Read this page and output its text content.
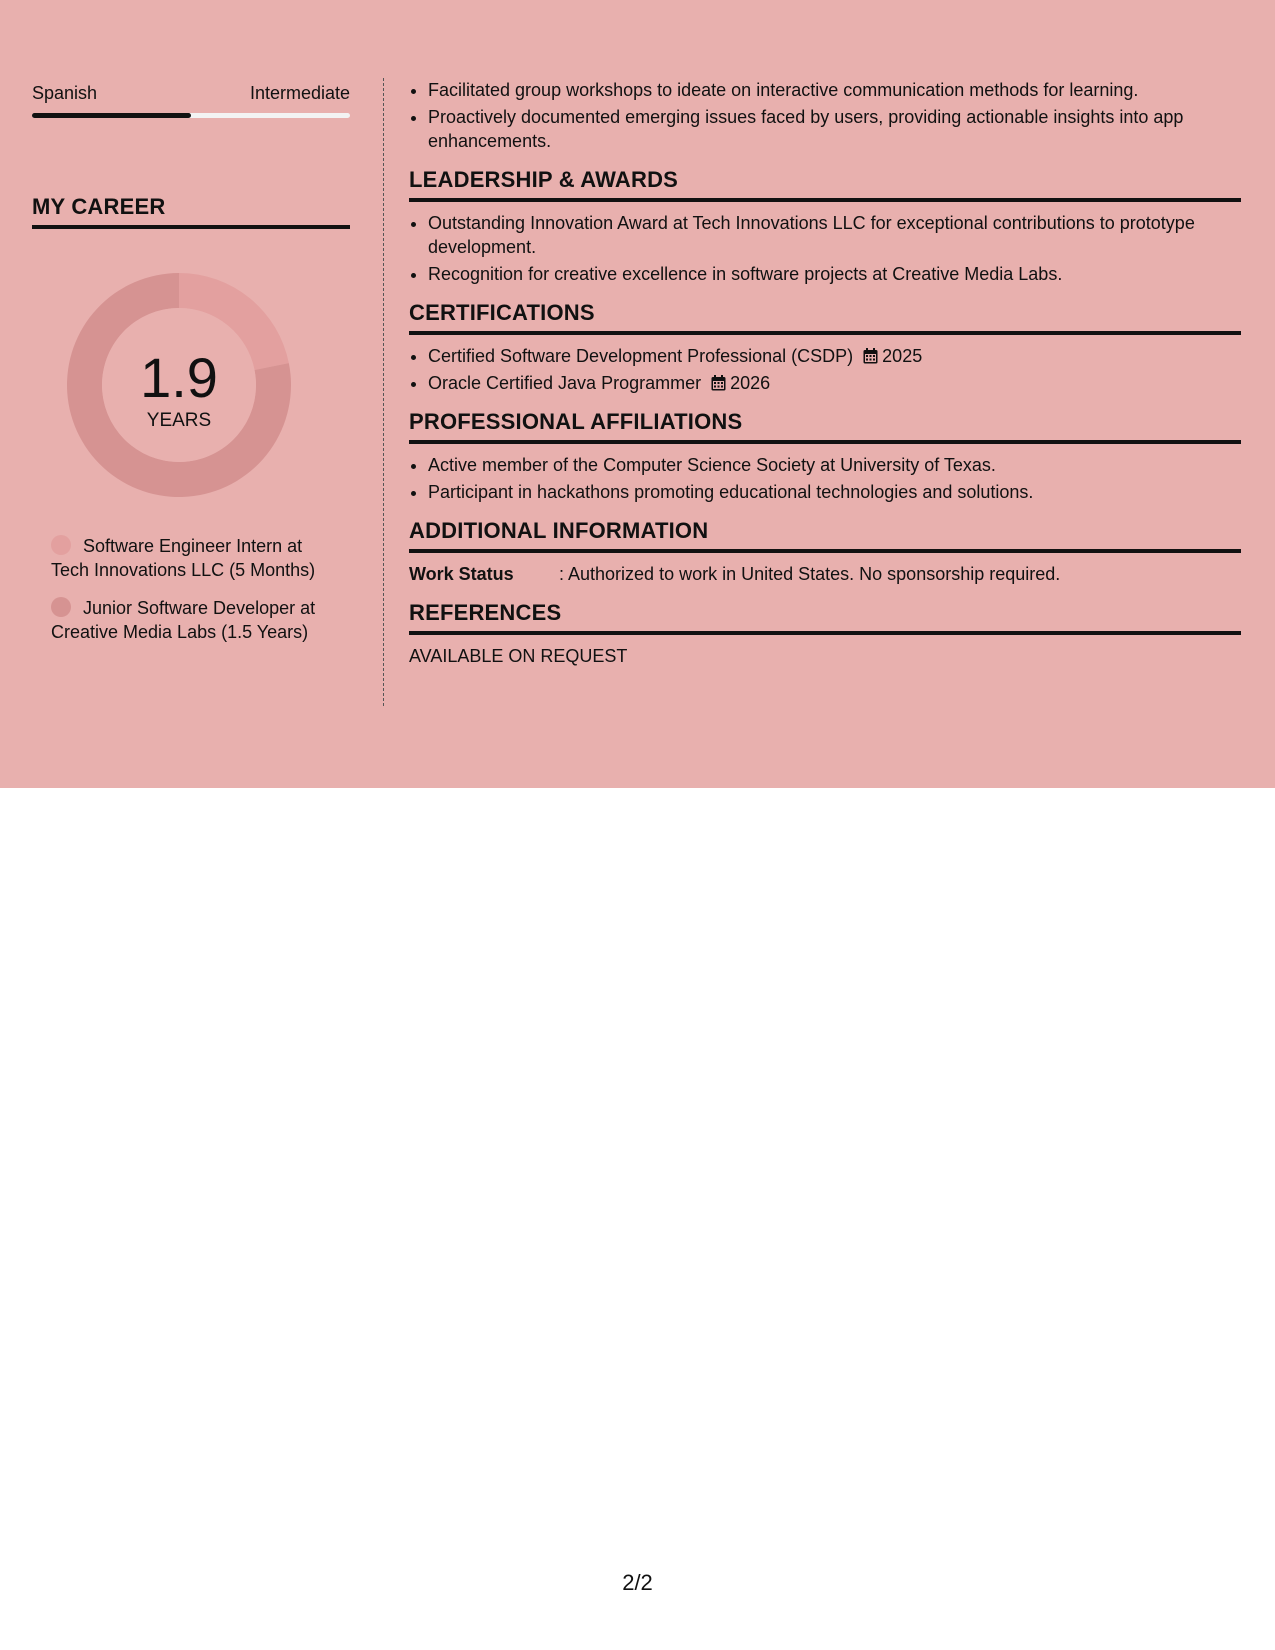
Spanish	Intermediate
MY CAREER
1.9
YEARS
Software Engineer Intern at Tech Innovations LLC (5 Months)
Junior Software Developer at Creative Media Labs (1.5 Years)
• Facilitated group workshops to ideate on interactive communication methods for learning.
• Proactively documented emerging issues faced by users, providing actionable insights into app enhancements.
LEADERSHIP & AWARDS
• Outstanding Innovation Award at Tech Innovations LLC for exceptional contributions to prototype development.
• Recognition for creative excellence in software projects at Creative Media Labs.
CERTIFICATIONS
• Certified Software Development Professional (CSDP) 2025
• Oracle Certified Java Programmer 2026
PROFESSIONAL AFFILIATIONS
• Active member of the Computer Science Society at University of Texas.
• Participant in hackathons promoting educational technologies and solutions.
ADDITIONAL INFORMATION
Work Status	: Authorized to work in United States. No sponsorship required.
REFERENCES
AVAILABLE ON REQUEST
2/2
